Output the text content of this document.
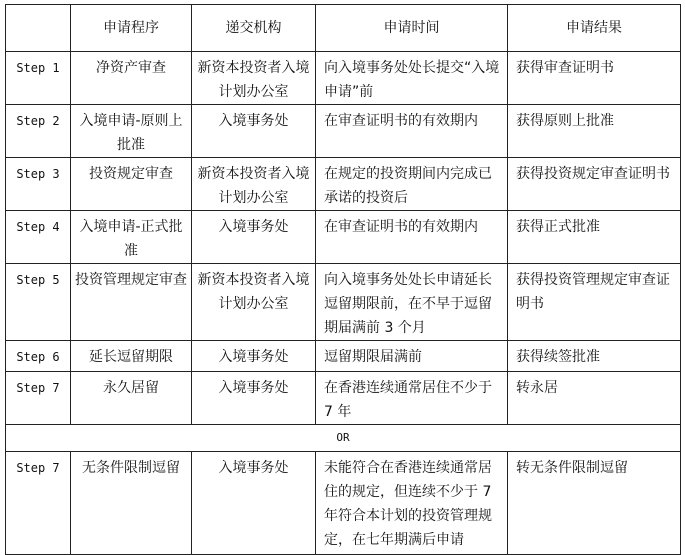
	申请程序	递交机构	申请时间	申请结果
Step 1	净资产审查	新资本投资者入境计划办公室	向入境事务处处长提交“入境申请”前	获得审查证明书
Step 2	入境申请-原则上批准	入境事务处	在审查证明书的有效期内	获得原则上批准
Step 3	投资规定审查	新资本投资者入境计划办公室	在规定的投资期间内完成已承诺的投资后	获得投资规定审查证明书
Step 4	入境申请-正式批准	入境事务处	在审查证明书的有效期内	获得正式批准
Step 5	投资管理规定审查	新资本投资者入境计划办公室	向入境事务处处长申请延长逗留期限前，在不早于逗留期届满前 3 个月	获得投资管理规定审查证明书
Step 6	延长逗留期限	入境事务处	逗留期限届满前	获得续签批准
Step 7	永久居留	入境事务处	在香港连续通常居住不少于 7 年	转永居
OR				
Step 7	无条件限制逗留	入境事务处	未能符合在香港连续通常居住的规定，但连续不少于 7 年符合本计划的投资管理规定，在七年期满后申请	转无条件限制逗留
